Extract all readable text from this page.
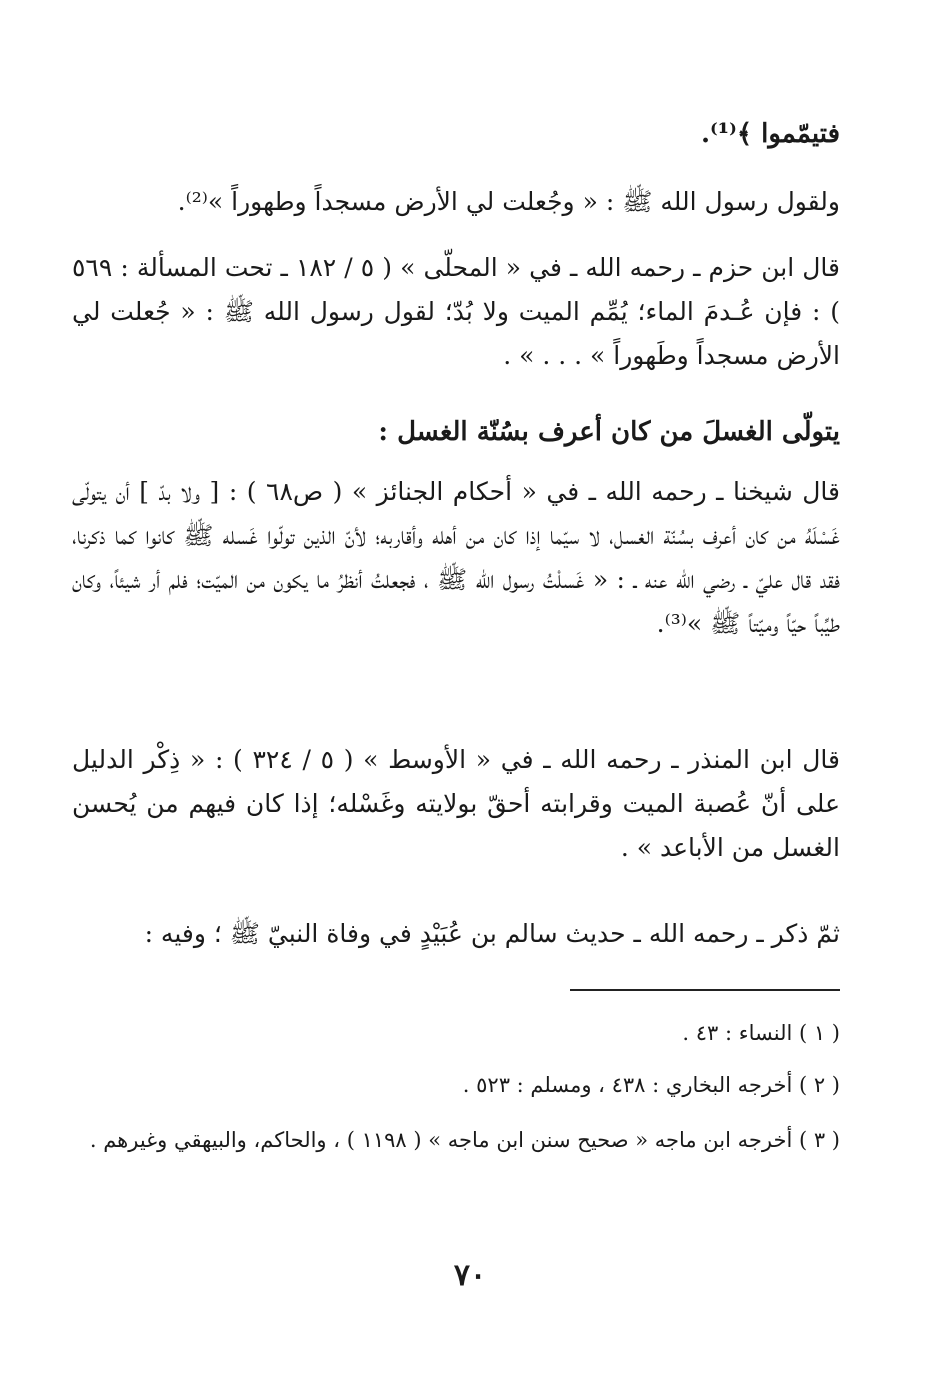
فتيمّموا ﴾⁽¹⁾.

ولقول رسول الله ﷺ : « وجُعلت لي الأرض مسجداً وطهوراً »⁽²⁾.

قال ابن حزم ـ رحمه الله ـ في « المحلّى » ( ٥ / ١٨٢ ـ تحت المسألة : ٥٦٩ ) : فإن عُـدمَ الماء؛ يُمِّم الميت ولا بُدّ؛ لقول رسول الله ﷺ : « جُعلت لي الأرض مسجداً وطَهوراً » . . . » .

يتولّى الغسلَ من كان أعرف بسُنّة الغسل :

قال شيخنا ـ رحمه الله ـ في « أحكام الجنائز » ( ص٦٨ ) : [ ولا بدّ ] أن يتولّى غَسْلَهُ من كان أعرف بسُنّة الغسل، لا سيّما إذا كان من أهله وأقاربه؛ لأنّ الذين تولّوا غَسله ﷺ كانوا كما ذكرنا، فقد قال عليّ ـ رضي الله عنه ـ : « غَسلْتُ رسول الله ﷺ ، فجعلتُ أنظرُ ما يكون من الميّت؛ فلم أر شيئاً، وكان طيِّباً حيّاً وميّتاً ﷺ »⁽³⁾.

قال ابن المنذر ـ رحمه الله ـ في « الأوسط » ( ٥ / ٣٢٤ ) : « ذِكْر الدليل على أنّ عُصبة الميت وقرابته أحقّ بولايته وغَسْله؛ إذا كان فيهم من يُحسن الغسل من الأباعد » .

ثمّ ذكر ـ رحمه الله ـ حديث سالم بن عُبَيْدٍ في وفاة النبيّ ﷺ ؛ وفيه :

( ١ ) النساء : ٤٣ .

( ٢ ) أخرجه البخاري : ٤٣٨ ، ومسلم : ٥٢٣ .

( ٣ ) أخرجه ابن ماجه « صحيح سنن ابن ماجه » ( ١١٩٨ ) ، والحاكم، والبيهقي وغيرهم .

٧٠
